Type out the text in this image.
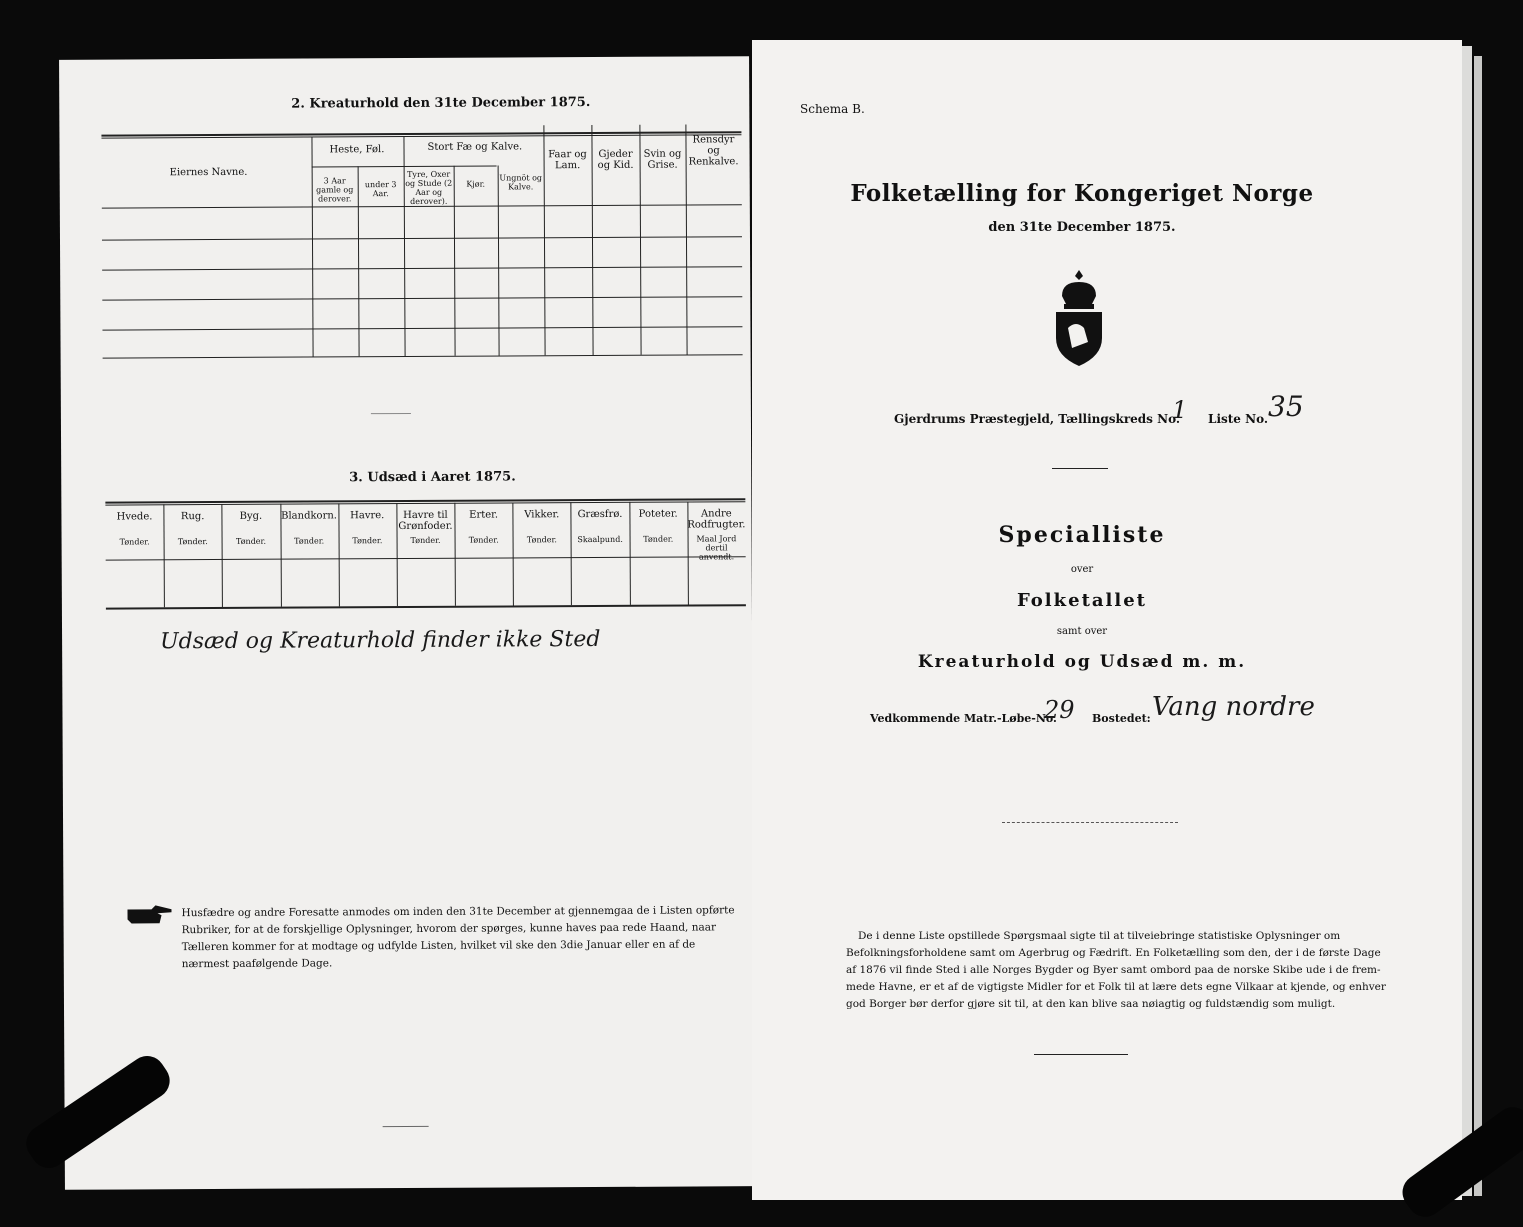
2. Kreaturhold den 31te December 1875.
Eiernes Navne.
Heste, Føl.
3 Aar gamle og derover.
under 3 Aar.
Stort Fæ og Kalve.
Tyre, Oxer og Stude (2 Aar og derover).
Kjør.
Ungnöt og Kalve.
Faar og Lam.
Gjeder og Kid.
Svin og Grise.
Rensdyr og Renkalve.
3. Udsæd i Aaret 1875.
Hvede.
Tønder.
Rug.
Tønder.
Byg.
Tønder.
Blandkorn.
Tønder.
Havre.
Tønder.
Havre til Grønfoder.
Tønder.
Erter.
Tønder.
Vikker.
Tønder.
Græsfrø.
Skaalpund.
Poteter.
Tønder.
Andre Rodfrugter.
Maal Jord dertil anvendt.
Udsæd og Kreaturhold finder ikke Sted
Husfædre og andre Foresatte anmodes om inden den 31te December at gjennemgaa de i Listen opførte
Rubriker, for at de forskjellige Oplysninger, hvorom der spørges, kunne haves paa rede Haand, naar
Tælleren kommer for at modtage og udfylde Listen, hvilket vil ske den 3die Januar eller en af de
nærmest paafølgende Dage.
Schema B.
Folketælling for Kongeriget Norge
den 31te December 1875.
Gjerdrums Præstegjeld, Tællingskreds No.
1 Liste No. 35
Specialliste
over
Folketallet
samt over
Kreaturhold og Udsæd m. m.
Vedkommende Matr.-Løbe-No.
29 Bostedet: Vang nordre
De i denne Liste opstillede Spørgsmaal sigte til at tilveiebringe statistiske Oplysninger om
Befolkningsforholdene samt om Agerbrug og Fædrift. En Folketælling som den, der i de første Dage
af 1876 vil finde Sted i alle Norges Bygder og Byer samt ombord paa de norske Skibe ude i de frem-
mede Havne, er et af de vigtigste Midler for et Folk til at lære dets egne Vilkaar at kjende, og enhver
god Borger bør derfor gjøre sit til, at den kan blive saa nøiagtig og fuldstændig som muligt.
